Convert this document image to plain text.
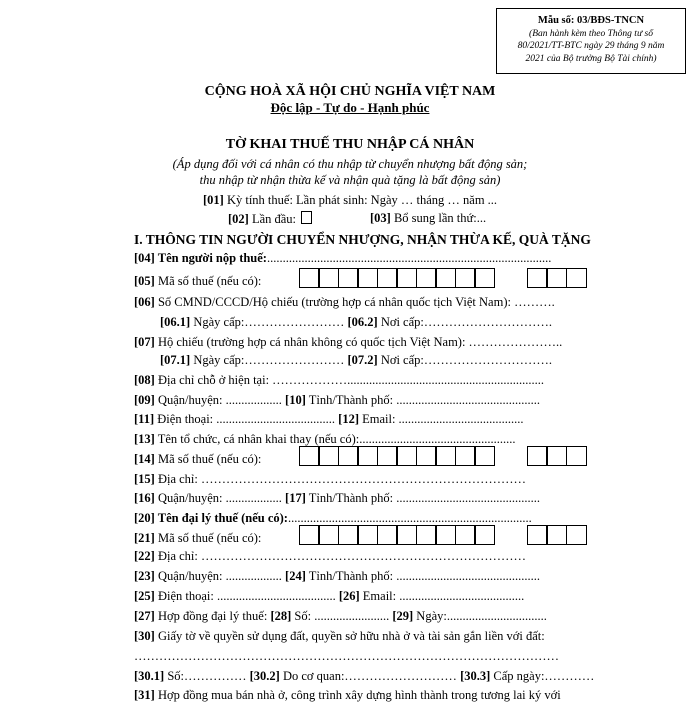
Mẫu số: 03/BĐS-TNCN
(Ban hành kèm theo Thông tư số
80/2021/TT-BTC ngày 29 tháng 9 năm
2021 của Bộ trưởng Bộ Tài chính)
CỘNG HOÀ XÃ HỘI CHỦ NGHĨA VIỆT NAM
Độc lập - Tự do - Hạnh phúc
TỜ KHAI THUẾ THU NHẬP CÁ NHÂN
(Áp dụng đối với cá nhân có thu nhập từ chuyển nhượng bất động sản;
thu nhập từ nhận thừa kế và nhận quà tặng là bất động sản)
[01] Kỳ tính thuế: Lần phát sinh: Ngày … tháng … năm ...
[02] Lần đầu:	[03] Bổ sung lần thứ:...
I. THÔNG TIN NGƯỜI CHUYỂN NHƯỢNG, NHẬN THỪA KẾ, QUÀ TẶNG
[04] Tên người nộp thuế:...........................................................................................
[05] Mã số thuế (nếu có):
[06] Số CMND/CCCD/Hộ chiếu (trường hợp cá nhân quốc tịch Việt Nam): ……….
[06.1] Ngày cấp:…………………… [06.2] Nơi cấp:………………………….
[07] Hộ chiếu (trường hợp cá nhân không có quốc tịch Việt Nam): …………………..
[07.1] Ngày cấp:…………………… [07.2] Nơi cấp:………………………….
[08] Địa chỉ chỗ ở hiện tại: ………………...............................................................
[09] Quận/huyện: .................. [10] Tỉnh/Thành phố: ..............................................
[11] Điện thoại: ...................................... [12] Email: ........................................
[13] Tên tổ chức, cá nhân khai thay (nếu có):..................................................
[14] Mã số thuế (nếu có):
[15] Địa chỉ: ……………………………………………………………………
[16] Quận/huyện: .................. [17] Tỉnh/Thành phố: ..............................................
[20] Tên đại lý thuế (nếu có):..............................................................................
[21] Mã số thuế (nếu có):
[22] Địa chỉ: ……………………………………………………………………
[23] Quận/huyện: .................. [24] Tỉnh/Thành phố: ..............................................
[25] Điện thoại: ...................................... [26] Email: ........................................
[27] Hợp đồng đại lý thuế: [28] Số: ........................ [29] Ngày:................................
[30] Giấy tờ về quyền sử dụng đất, quyền sở hữu nhà ở và tài sản gắn liền với đất:
…………………………………………………………………………………………
[30.1] Số:…………… [30.2] Do cơ quan:……………………… [30.3] Cấp ngày:…………
[31] Hợp đồng mua bán nhà ở, công trình xây dựng hình thành trong tương lai ký với
